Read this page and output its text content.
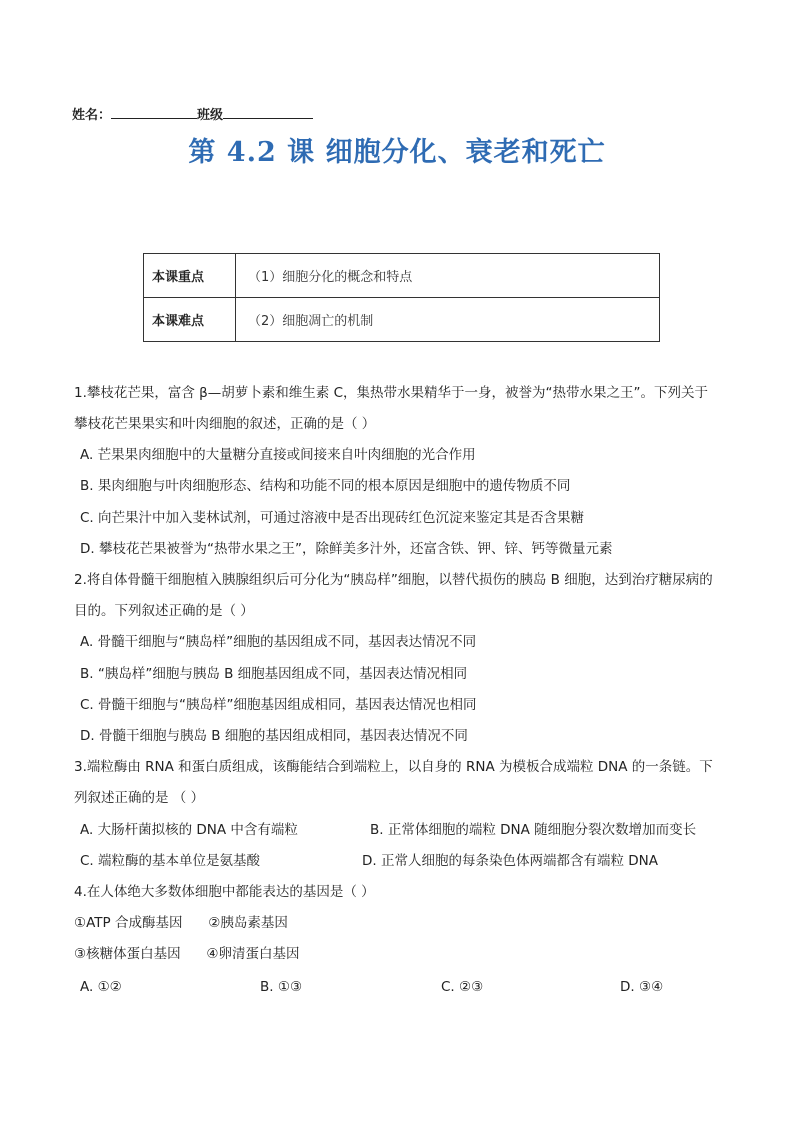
姓名：	班级
第 4.2 课 细胞分化、衰老和死亡
本课重点	（1）细胞分化的概念和特点
本课难点	（2）细胞凋亡的机制
1.攀枝花芒果，富含 β—胡萝卜素和维生素 C，集热带水果精华于一身，被誉为“热带水果之王”。下列关于
攀枝花芒果果实和叶肉细胞的叙述，正确的是（ ）
A. 芒果果肉细胞中的大量糖分直接或间接来自叶肉细胞的光合作用
B. 果肉细胞与叶肉细胞形态、结构和功能不同的根本原因是细胞中的遗传物质不同
C. 向芒果汁中加入斐林试剂，可通过溶液中是否出现砖红色沉淀来鉴定其是否含果糖
D. 攀枝花芒果被誉为“热带水果之王”，除鲜美多汁外，还富含铁、钾、锌、钙等微量元素
2.将自体骨髓干细胞植入胰腺组织后可分化为“胰岛样”细胞，以替代损伤的胰岛 B 细胞，达到治疗糖尿病的
目的。下列叙述正确的是（ ）
A. 骨髓干细胞与“胰岛样”细胞的基因组成不同，基因表达情况不同
B. “胰岛样”细胞与胰岛 B 细胞基因组成不同，基因表达情况相同
C. 骨髓干细胞与“胰岛样”细胞基因组成相同，基因表达情况也相同
D. 骨髓干细胞与胰岛 B 细胞的基因组成相同，基因表达情况不同
3.端粒酶由 RNA 和蛋白质组成，该酶能结合到端粒上，以自身的 RNA 为模板合成端粒 DNA 的一条链。下
列叙述正确的是 （ ）
A. 大肠杆菌拟核的 DNA 中含有端粒	B. 正常体细胞的端粒 DNA 随细胞分裂次数增加而变长
C. 端粒酶的基本单位是氨基酸	D. 正常人细胞的每条染色体两端都含有端粒 DNA
4.在人体绝大多数体细胞中都能表达的基因是（ ）
①ATP 合成酶基因      ②胰岛素基因
③核糖体蛋白基因      ④卵清蛋白基因
A. ①②	B. ①③	C. ②③	D. ③④
